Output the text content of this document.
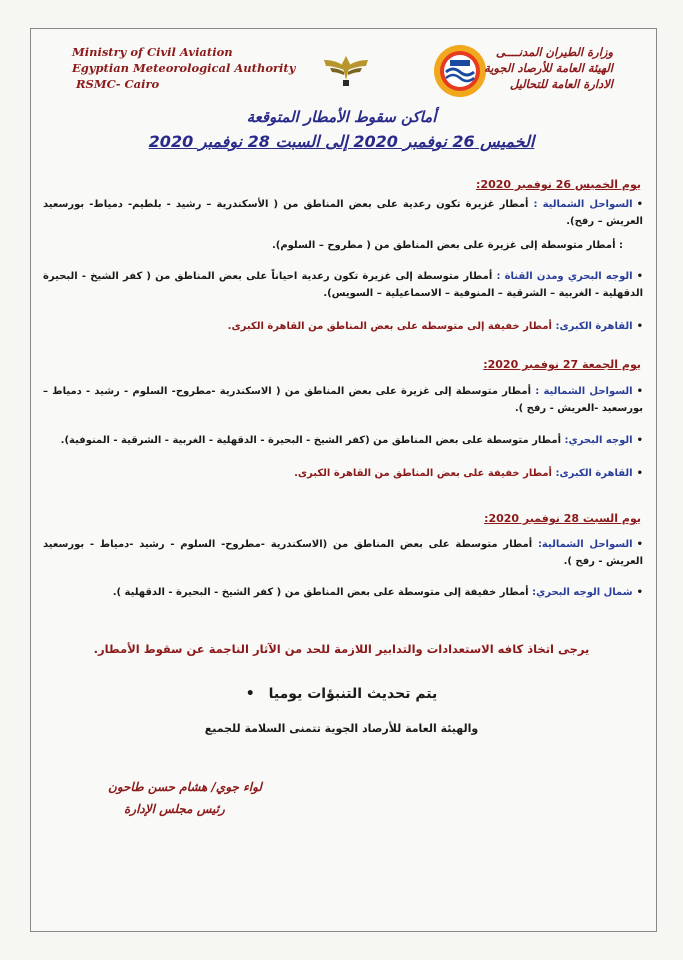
Ministry of Civil Aviation
Egyptian Meteorological Authority
RSMC- Cairo
وزارة الطيران المدنــــى
الهيئة العامة للأرصاد الجوية
الادارة العامة للتحاليل
أماكن سقوط الأمطار المتوقعة
الخميس 26 نوفمبر 2020 إلى السبت 28 نوفمبر 2020
يوم الخميس 26 نوفمبر 2020:
•السواحل الشمالية : أمطار غزيرة تكون رعدية على بعض المناطق من ( الأسكندرية – رشيد - بلطيم- دمياط- بورسعيد العريش – رفح).
: أمطار متوسطة إلى غزيرة على بعض المناطق من ( مطروح – السلوم).
•الوجه البحري ومدن القناة : أمطار متوسطة إلى غزيرة تكون رعدية احياناً على بعض المناطق من ( كفر الشيخ - البحيرة الدقهلية - الغربية – الشرقية – المنوفية – الاسماعيلية – السويس).
•القاهرة الكبرى: أمطار خفيفة إلى متوسطه على بعض المناطق من القاهرة الكبرى.
يوم الجمعة 27 نوفمبر 2020:
•السواحل الشمالية : أمطار متوسطة إلى غزيرة على بعض المناطق من ( الاسكندرية -مطروح- السلوم - رشيد - دمياط – بورسعيد -العريش - رفح ).
•الوجه البحري: أمطار متوسطة على بعض المناطق من (كفر الشيخ - البحيرة - الدقهلية - الغربية - الشرقية - المنوفية).
•القاهرة الكبرى: أمطار خفيفة على بعض المناطق من القاهرة الكبرى.
يوم السبت 28 نوفمبر 2020:
•السواحل الشمالية: أمطار متوسطة على بعض المناطق من (الاسكندرية -مطروح- السلوم - رشيد -دمياط - بورسعيد العريش - رفح ).
•شمال الوجه البحري: أمطار خفيفة إلى متوسطة على بعض المناطق من ( كفر الشيخ - البحيرة - الدقهلية ).
يرجى اتخاذ كافه الاستعدادات والتدابير اللازمة للحد من الآثار الناجمة عن سقوط الأمطار.
يتم تحديث التنبؤات يوميا•
والهيئة العامة للأرصاد الجوية تتمنى السلامة للجميع
لواء جوي/ هشام حسن طاحون
رئيس مجلس الإدارة
